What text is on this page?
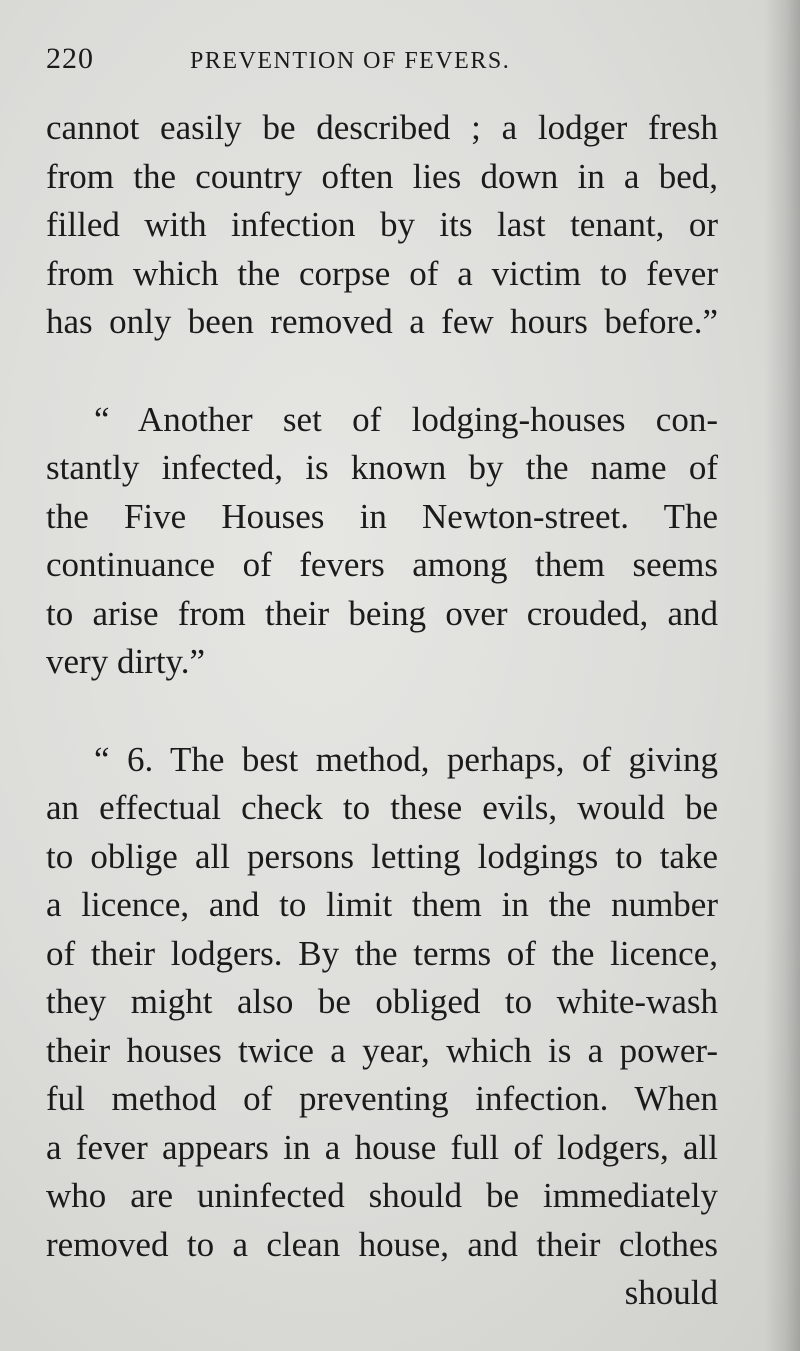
220	PREVENTION OF FEVERS.
cannot easily be described ; a lodger fresh
from the country often lies down in a bed,
filled with infection by its last tenant, or
from which the corpse of a victim to fever
has only been removed a few hours before.”
“ Another set of lodging-houses con-
stantly infected, is known by the name of
the Five Houses in Newton-street. The
continuance of fevers among them seems
to arise from their being over crouded, and
very dirty.”
“ 6. The best method, perhaps, of giving
an effectual check to these evils, would be
to oblige all persons letting lodgings to take
a licence, and to limit them in the number
of their lodgers. By the terms of the licence,
they might also be obliged to white-wash
their houses twice a year, which is a power-
ful method of preventing infection. When
a fever appears in a house full of lodgers, all
who are uninfected should be immediately
removed to a clean house, and their clothes
should
